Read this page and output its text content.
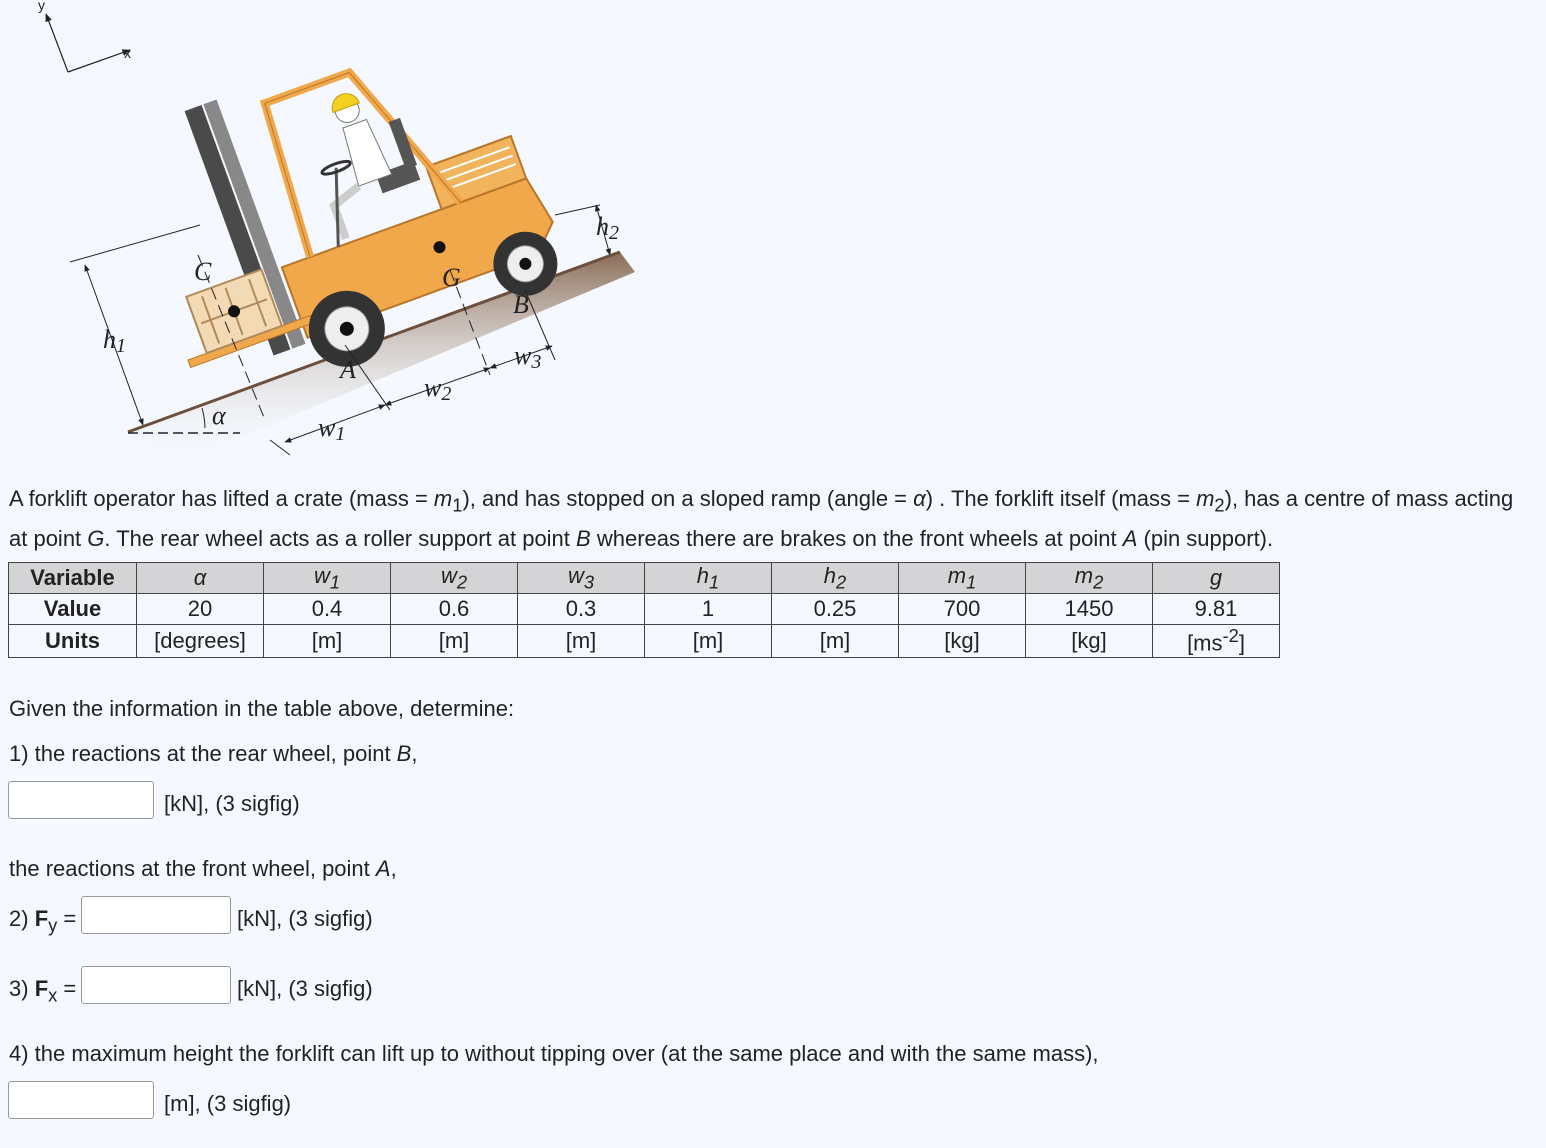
y
x
C	G
B
A
α
h1
h2
w1
w2
w3
A forklift operator has lifted a crate (mass = $m_1$), and has stopped on a sloped ramp (angle = α) . The forklift itself (mass = $m_2$), has a centre of mass acting at point G. The rear wheel acts as a roller support at point B whereas there are brakes on the front wheels at point A (pin support).
Variable	α	$w_1$	$w_2$	$w_3$	$h_1$	$h_2$	$m_1$	$m_2$	g
Value	20	0.4	0.6	0.3	1	0.25	700	1450	9.81
Units	[degrees]	[m]	[m]	[m]	[m]	[m]	[kg]	[kg]	$[ms^{-2}]$
Given the information in the table above, determine:
1) the reactions at the rear wheel, point B,
[kN], (3 sigfig)
the reactions at the front wheel, point A,
2) $F_y$ =	[kN], (3 sigfig)
3) $F_x$ =	[kN], (3 sigfig)
4) the maximum height the forklift can lift up to without tipping over (at the same place and with the same mass),
[m], (3 sigfig)
